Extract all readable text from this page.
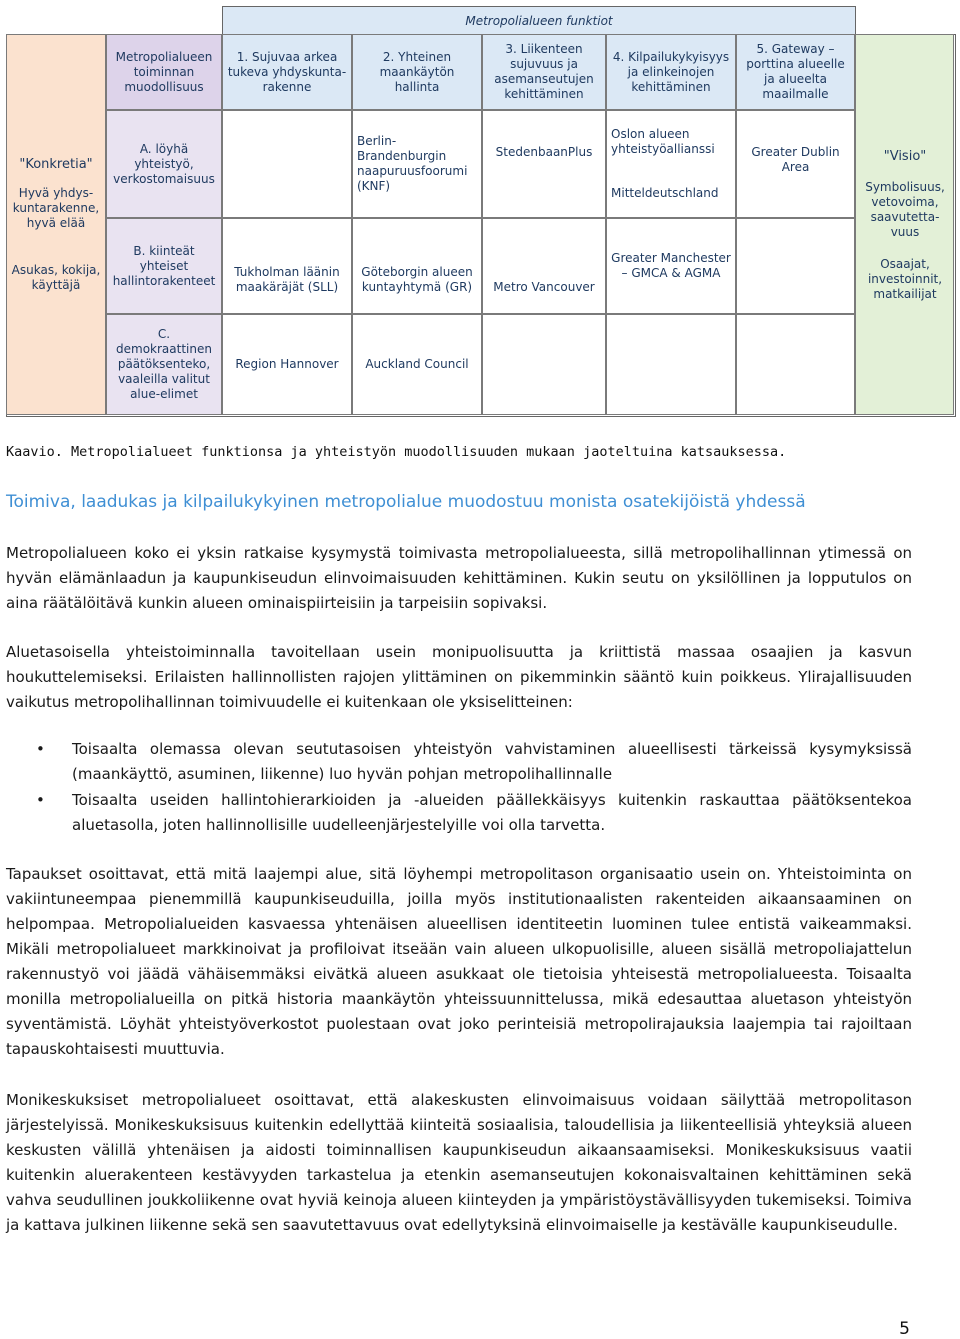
Metropolialueen funktiot
"Konkretia"
Hyvä yhdys-kuntarakenne, hyvä elää
Asukas, kokija, käyttäjä
"Visio"
Symbolisuus, vetovoima, saavutetta-vuus
Osaajat, investoinnit, matkailijat
Metropolialueen toiminnan muodollisuus
1. Sujuvaa arkea tukeva yhdyskunta-rakenne
2. Yhteinen maankäytön hallinta
3. Liikenteen sujuvuus ja asemanseutujen kehittäminen
4. Kilpailukykyisyys ja elinkeinojen kehittäminen
5. Gateway – porttina alueelle ja alueelta maailmalle
A. löyhä yhteistyö, verkostomaisuus
B. kiinteät yhteiset hallintorakenteet
C. demokraattinen päätöksenteko, vaaleilla valitut alue-elimet
Berlin-Brandenburgin naapuruusfoorumi (KNF)
StedenbaanPlus
Oslon alueen yhteistyöallianssi
Mitteldeutschland
Greater Dublin Area
Tukholman läänin maakäräjät (SLL)
Göteborgin alueen kuntayhtymä (GR)	Metro Vancouver
Greater Manchester – GMCA & AGMA
Region Hannover Auckland Council
Kaavio. Metropolialueet funktionsa ja yhteistyön muodollisuuden mukaan jaoteltuina katsauksessa.
Toimiva, laadukas ja kilpailukykyinen metropolialue muodostuu monista osatekijöistä yhdessä

Metropolialueen koko ei yksin ratkaise kysymystä toimivasta metropolialueesta, sillä metropolihallinnan ytimessä on hyvän elämänlaadun ja kaupunkiseudun elinvoimaisuuden kehittäminen. Kukin seutu on yksilöllinen ja lopputulos on aina räätälöitävä kunkin alueen ominaispiirteisiin ja tarpeisiin sopivaksi.

Aluetasoisella yhteistoiminnalla tavoitellaan usein monipuolisuutta ja kriittistä massaa osaajien ja kasvun houkuttelemiseksi. Erilaisten hallinnollisten rajojen ylittäminen on pikemminkin sääntö kuin poikkeus. Ylirajallisuuden vaikutus metropolihallinnan toimivuudelle ei kuitenkaan ole yksiselitteinen:

• Toisaalta olemassa olevan seututasoisen yhteistyön vahvistaminen alueellisesti tärkeissä kysymyksissä (maankäyttö, asuminen, liikenne) luo hyvän pohjan metropolihallinnalle
• Toisaalta useiden hallintohierarkioiden ja -alueiden päällekkäisyys kuitenkin raskauttaa päätöksentekoa aluetasolla, joten hallinnollisille uudelleenjärjestelyille voi olla tarvetta.

Tapaukset osoittavat, että mitä laajempi alue, sitä löyhempi metropolitason organisaatio usein on. Yhteistoiminta on vakiintuneempaa pienemmillä kaupunkiseuduilla, joilla myös institutionaalisten rakenteiden aikaansaaminen on helpompaa. Metropolialueiden kasvaessa yhtenäisen alueellisen identiteetin luominen tulee entistä vaikeammaksi. Mikäli metropolialueet markkinoivat ja profiloivat itseään vain alueen ulkopuolisille, alueen sisällä metropoliajattelun rakennustyö voi jäädä vähäisemmäksi eivätkä alueen asukkaat ole tietoisia yhteisestä metropolialueesta. Toisaalta monilla metropolialueilla on pitkä historia maankäytön yhteissuunnittelussa, mikä edesauttaa aluetason yhteistyön syventämistä. Löyhät yhteistyöverkostot puolestaan ovat joko perinteisiä metropolirajauksia laajempia tai rajoiltaan tapauskohtaisesti muuttuvia.

Monikeskuksiset metropolialueet osoittavat, että alakeskusten elinvoimaisuus voidaan säilyttää metropolitason järjestelyissä. Monikeskuksisuus kuitenkin edellyttää kiinteitä sosiaalisia, taloudellisia ja liikenteellisiä yhteyksiä alueen keskusten välillä yhtenäisen ja aidosti toiminnallisen kaupunkiseudun aikaansaamiseksi. Monikeskuksisuus vaatii kuitenkin aluerakenteen kestävyyden tarkastelua ja etenkin asemanseutujen kokonaisvaltainen kehittäminen sekä vahva seudullinen joukkoliikenne ovat hyviä keinoja alueen kiinteyden ja ympäristöystävällisyyden tukemiseksi. Toimiva ja kattava julkinen liikenne sekä sen saavutettavuus ovat edellytyksinä elinvoimaiselle ja kestävälle kaupunkiseudulle.

5
